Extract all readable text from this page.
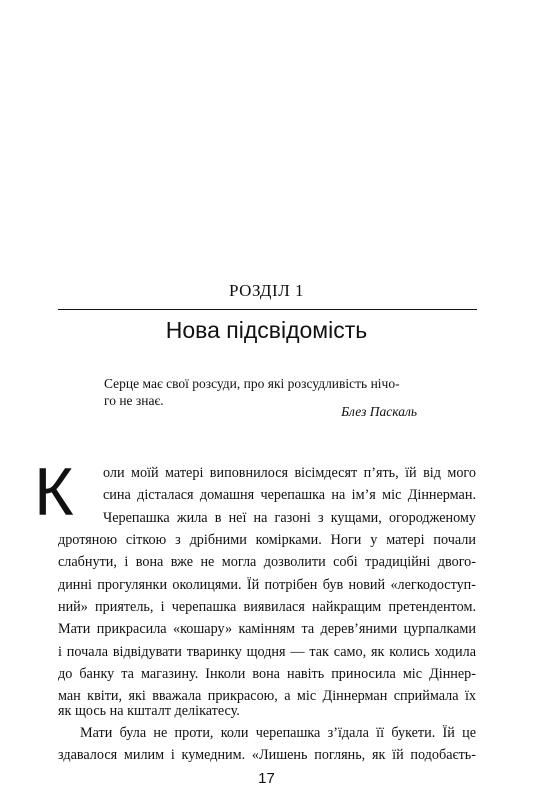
РОЗДІЛ 1
Нова підсвідомість
Серце має свої розсуди, про які розсудливість нічо-
го не знає.
Блез Паскаль
К оли моїй матері виповнилося вісімдесят п’ять, їй від мого
сина дісталася домашня черепашка на ім’я міс Діннерман.
Черепашка жила в неї на газоні з кущами, огородженому
дротяною сіткою з дрібними комірками. Ноги у матері почали
слабнути, і вона вже не могла дозволити собі традиційні двого-
динні прогулянки околицями. Їй потрібен був новий «легкодоступ-
ний» приятель, і черепашка виявилася найкращим претендентом.
Мати прикрасила «кошару» камінням та дерев’яними цурпалками
і почала відвідувати тваринку щодня — так само, як колись ходила
до банку та магазину. Інколи вона навіть приносила міс Діннер-
ман квіти, які вважала прикрасою, а міс Діннерман сприймала їх
як щось на кшталт делікатесу.
Мати була не проти, коли черепашка з’їдала її букети. Їй це
здавалося милим і кумедним. «Лишень поглянь, як їй подобаєть-
17
